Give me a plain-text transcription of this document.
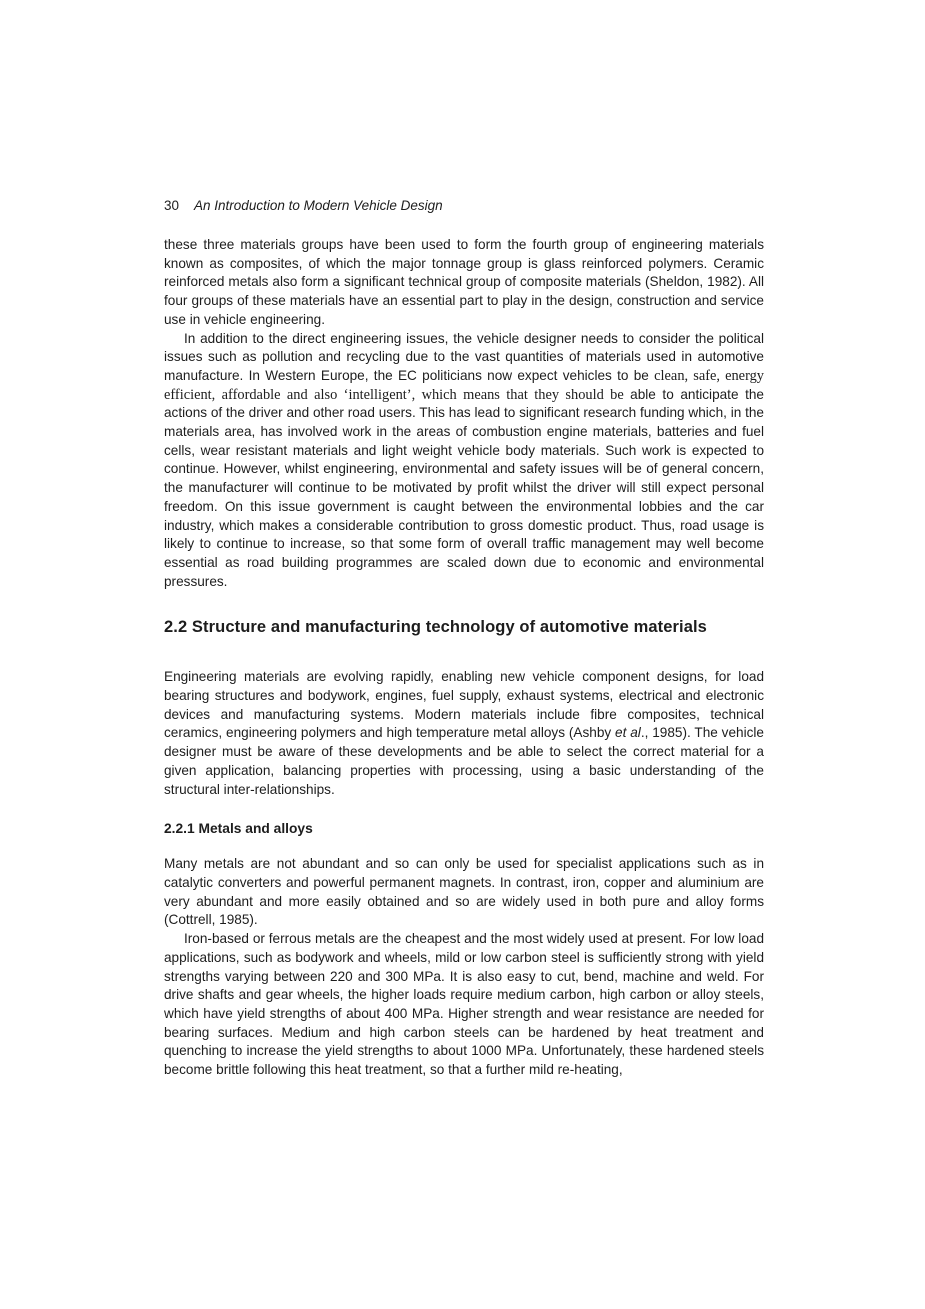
30 An Introduction to Modern Vehicle Design

these three materials groups have been used to form the fourth group of engineering materials known as composites, of which the major tonnage group is glass reinforced polymers. Ceramic reinforced metals also form a significant technical group of composite materials (Sheldon, 1982). All four groups of these materials have an essential part to play in the design, construction and service use in vehicle engineering.

In addition to the direct engineering issues, the vehicle designer needs to consider the political issues such as pollution and recycling due to the vast quantities of materials used in automotive manufacture. In Western Europe, the EC politicians now expect vehicles to be clean, safe, energy efficient, affordable and also ‘intelligent’, which means that they should be able to anticipate the actions of the driver and other road users. This has lead to significant research funding which, in the materials area, has involved work in the areas of combustion engine materials, batteries and fuel cells, wear resistant materials and light weight vehicle body materials. Such work is expected to continue. However, whilst engineering, environmental and safety issues will be of general concern, the manufacturer will continue to be motivated by profit whilst the driver will still expect personal freedom. On this issue government is caught between the environmental lobbies and the car industry, which makes a considerable contribution to gross domestic product. Thus, road usage is likely to continue to increase, so that some form of overall traffic management may well become essential as road building programmes are scaled down due to economic and environmental pressures.

2.2 Structure and manufacturing technology of automotive materials

Engineering materials are evolving rapidly, enabling new vehicle component designs, for load bearing structures and bodywork, engines, fuel supply, exhaust systems, electrical and electronic devices and manufacturing systems. Modern materials include fibre composites, technical ceramics, engineering polymers and high temperature metal alloys (Ashby et al., 1985). The vehicle designer must be aware of these developments and be able to select the correct material for a given application, balancing properties with processing, using a basic understanding of the structural inter-relationships.

2.2.1 Metals and alloys

Many metals are not abundant and so can only be used for specialist applications such as in catalytic converters and powerful permanent magnets. In contrast, iron, copper and aluminium are very abundant and more easily obtained and so are widely used in both pure and alloy forms (Cottrell, 1985).

Iron-based or ferrous metals are the cheapest and the most widely used at present. For low load applications, such as bodywork and wheels, mild or low carbon steel is sufficiently strong with yield strengths varying between 220 and 300 MPa. It is also easy to cut, bend, machine and weld. For drive shafts and gear wheels, the higher loads require medium carbon, high carbon or alloy steels, which have yield strengths of about 400 MPa. Higher strength and wear resistance are needed for bearing surfaces. Medium and high carbon steels can be hardened by heat treatment and quenching to increase the yield strengths to about 1000 MPa. Unfortunately, these hardened steels become brittle following this heat treatment, so that a further mild re-heating,
